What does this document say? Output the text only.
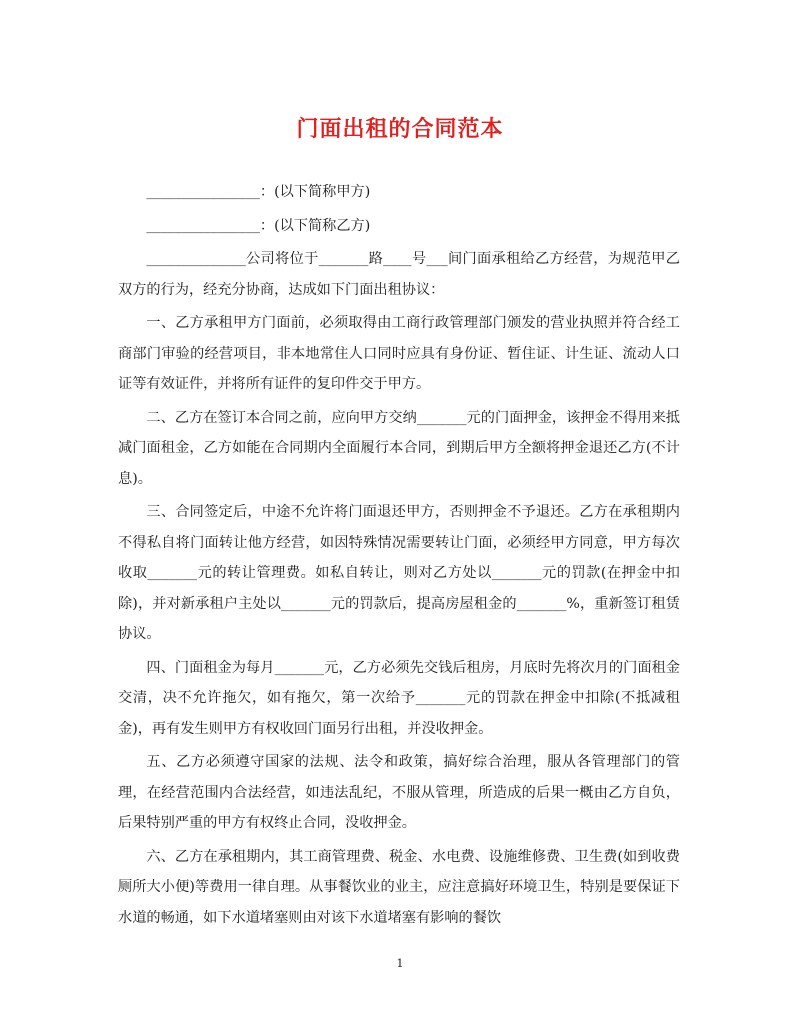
门面出租的合同范本

________________：(以下简称甲方)

________________：(以下简称乙方)

______________公司将位于_______路____号___间门面承租给乙方经营，为规范甲乙双方的行为，经充分协商，达成如下门面出租协议：

一、乙方承租甲方门面前，必须取得由工商行政管理部门颁发的营业执照并符合经工商部门审验的经营项目，非本地常住人口同时应具有身份证、暂住证、计生证、流动人口证等有效证件，并将所有证件的复印件交于甲方。

二、乙方在签订本合同之前，应向甲方交纳_______元的门面押金，该押金不得用来抵减门面租金，乙方如能在合同期内全面履行本合同，到期后甲方全额将押金退还乙方(不计息)。

三、合同签定后，中途不允许将门面退还甲方，否则押金不予退还。乙方在承租期内不得私自将门面转让他方经营，如因特殊情况需要转让门面，必须经甲方同意，甲方每次收取_______元的转让管理费。如私自转让，则对乙方处以_______元的罚款(在押金中扣除)，并对新承租户主处以_______元的罚款后，提高房屋租金的_______%，重新签订租赁协议。

四、门面租金为每月_______元，乙方必须先交钱后租房，月底时先将次月的门面租金交清，决不允许拖欠，如有拖欠，第一次给予_______元的罚款在押金中扣除(不抵减租金)，再有发生则甲方有权收回门面另行出租，并没收押金。

五、乙方必须遵守国家的法规、法令和政策，搞好综合治理，服从各管理部门的管理，在经营范围内合法经营，如违法乱纪，不服从管理，所造成的后果一概由乙方自负，后果特别严重的甲方有权终止合同，没收押金。

六、乙方在承租期内，其工商管理费、税金、水电费、设施维修费、卫生费(如到收费厕所大小便)等费用一律自理。从事餐饮业的业主，应注意搞好环境卫生，特别是要保证下水道的畅通，如下水道堵塞则由对该下水道堵塞有影响的餐饮

1
